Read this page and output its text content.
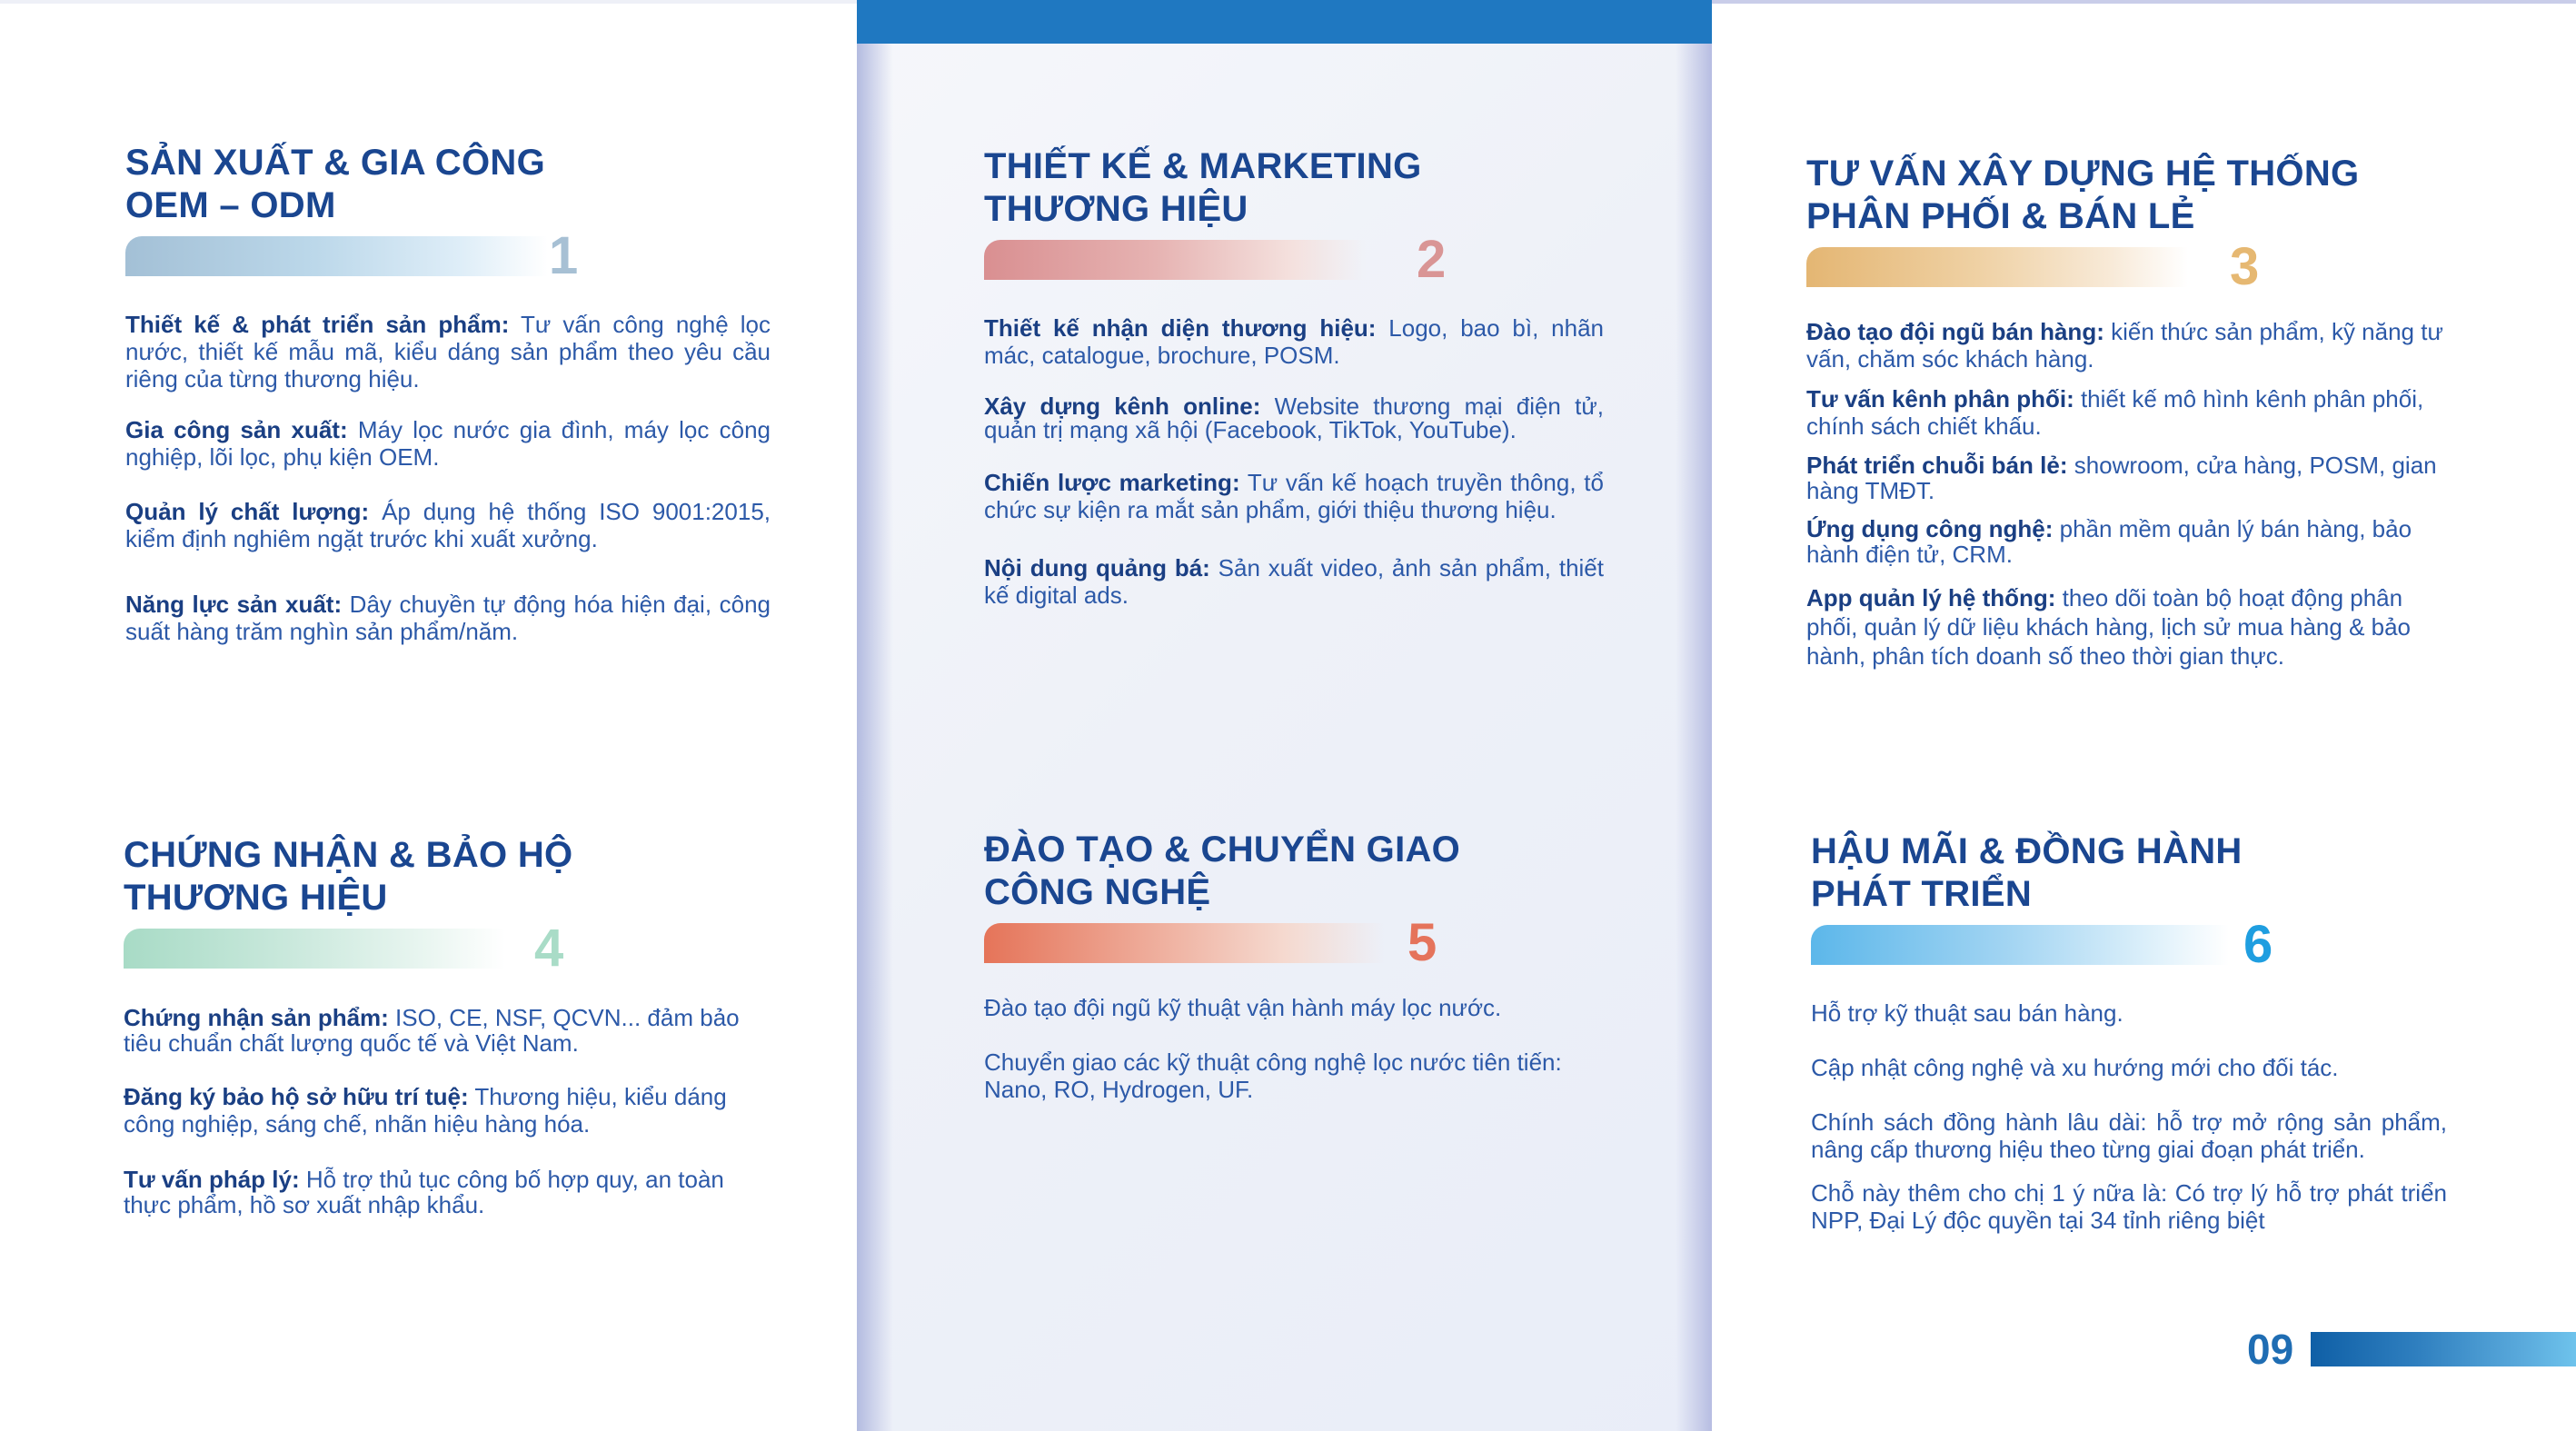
SẢN XUẤT & GIA CÔNG
OEM – ODM
1
Thiết kế & phát triển sản phẩm: Tư vấn công nghệ lọc nước, thiết kế mẫu mã, kiểu dáng sản phẩm theo yêu cầu riêng của từng thương hiệu.
Gia công sản xuất: Máy lọc nước gia đình, máy lọc công nghiệp, lõi lọc, phụ kiện OEM.
Quản lý chất lượng: Áp dụng hệ thống ISO 9001:2015, kiểm định nghiêm ngặt trước khi xuất xưởng.
Năng lực sản xuất: Dây chuyền tự động hóa hiện đại, công suất hàng trăm nghìn sản phẩm/năm.
THIẾT KẾ & MARKETING
THƯƠNG HIỆU
2
Thiết kế nhận diện thương hiệu: Logo, bao bì, nhãn mác, catalogue, brochure, POSM.
Xây dựng kênh online: Website thương mại điện tử, quản trị mạng xã hội (Facebook, TikTok, YouTube).
Chiến lược marketing: Tư vấn kế hoạch truyền thông, tổ chức sự kiện ra mắt sản phẩm, giới thiệu thương hiệu.
Nội dung quảng bá: Sản xuất video, ảnh sản phẩm, thiết kế digital ads.
TƯ VẤN XÂY DỰNG HỆ THỐNG
PHÂN PHỐI & BÁN LẺ
3
Đào tạo đội ngũ bán hàng: kiến thức sản phẩm, kỹ năng tư vấn, chăm sóc khách hàng.
Tư vấn kênh phân phối: thiết kế mô hình kênh phân phối, chính sách chiết khấu.
Phát triển chuỗi bán lẻ: showroom, cửa hàng, POSM, gian hàng TMĐT.
Ứng dụng công nghệ: phần mềm quản lý bán hàng, bảo hành điện tử, CRM.
App quản lý hệ thống: theo dõi toàn bộ hoạt động phân phối, quản lý dữ liệu khách hàng, lịch sử mua hàng & bảo hành, phân tích doanh số theo thời gian thực.
CHỨNG NHẬN & BẢO HỘ
THƯƠNG HIỆU
4
Chứng nhận sản phẩm: ISO, CE, NSF, QCVN... đảm bảo tiêu chuẩn chất lượng quốc tế và Việt Nam.
Đăng ký bảo hộ sở hữu trí tuệ: Thương hiệu, kiểu dáng công nghiệp, sáng chế, nhãn hiệu hàng hóa.
Tư vấn pháp lý: Hỗ trợ thủ tục công bố hợp quy, an toàn thực phẩm, hồ sơ xuất nhập khẩu.
ĐÀO TẠO & CHUYỂN GIAO
CÔNG NGHỆ
5
Đào tạo đội ngũ kỹ thuật vận hành máy lọc nước.
Chuyển giao các kỹ thuật công nghệ lọc nước tiên tiến: Nano, RO, Hydrogen, UF.
HẬU MÃI & ĐỒNG HÀNH
PHÁT TRIỂN
6
Hỗ trợ kỹ thuật sau bán hàng.
Cập nhật công nghệ và xu hướng mới cho đối tác.
Chính sách đồng hành lâu dài: hỗ trợ mở rộng sản phẩm, nâng cấp thương hiệu theo từng giai đoạn phát triển.
Chỗ này thêm cho chị 1 ý nữa là: Có trợ lý hỗ trợ phát triển NPP, Đại Lý độc quyền tại 34 tỉnh riêng biệt
09
